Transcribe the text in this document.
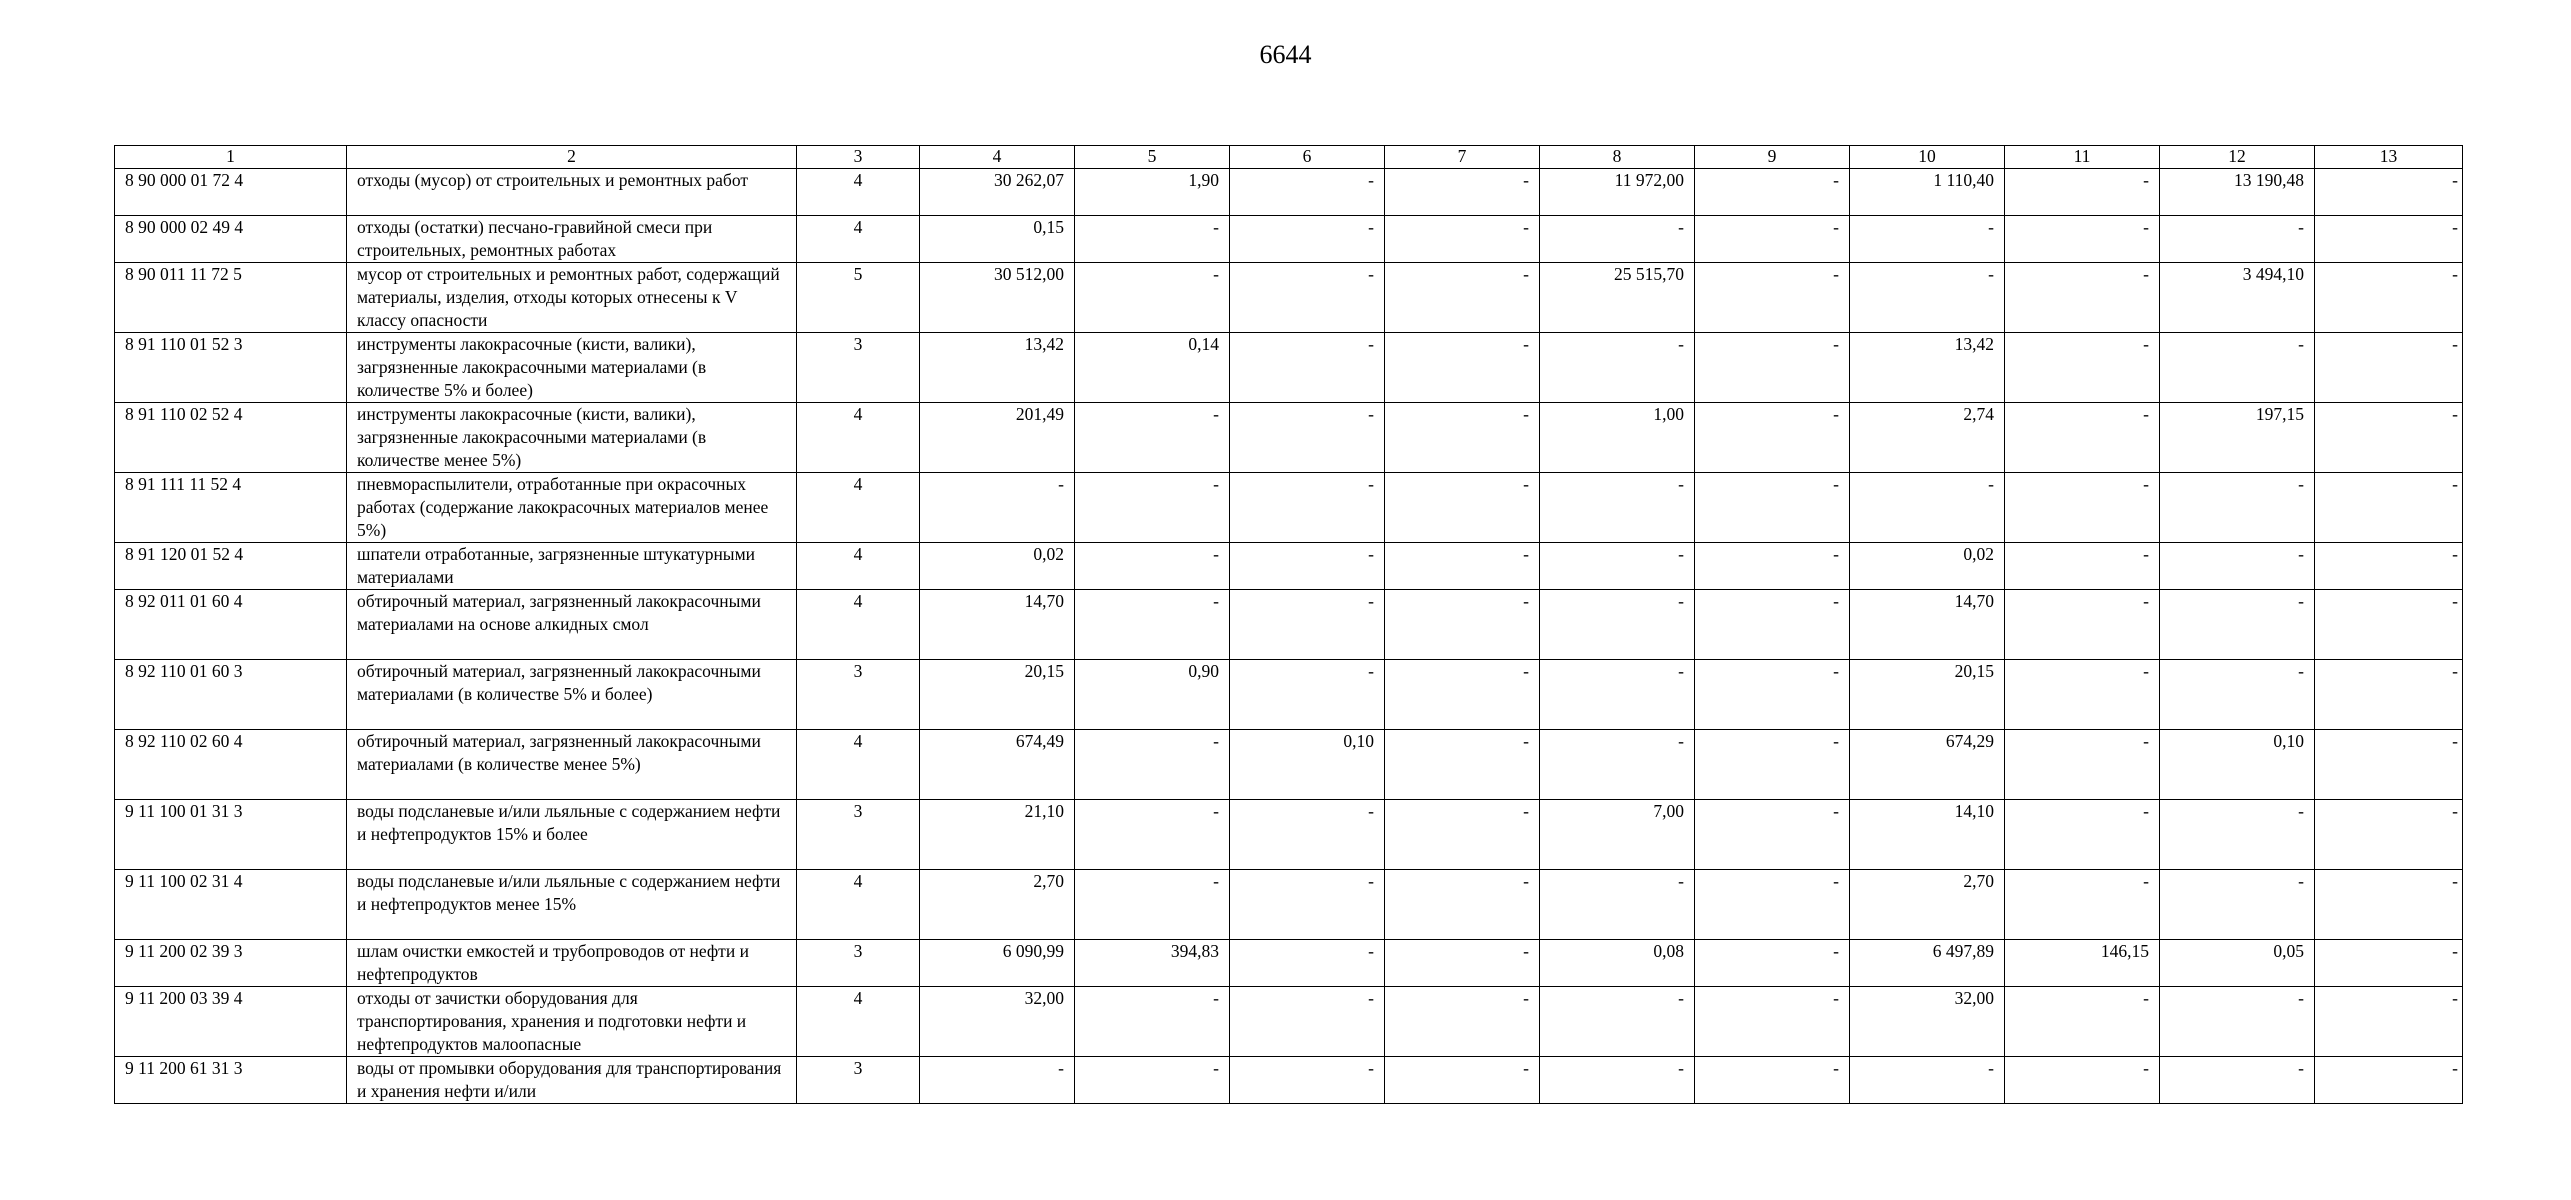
6644
1	2	3	4	5	6	7	8	9	10	11	12	13
8 90 000 01 72 4	отходы (мусор) от строительных и ремонтных работ	4	30 262,07	1,90	-	-	11 972,00	-	1 110,40	-	13 190,48	-
8 90 000 02 49 4	отходы (остатки) песчано-гравийной смеси при строительных, ремонтных работах	4	0,15	-	-	-	-	-	-	-	-	-
8 90 011 11 72 5	мусор от строительных и ремонтных работ, содержащий материалы, изделия, отходы которых отнесены к V классу опасности	5	30 512,00	-	-	-	25 515,70	-	-	-	3 494,10	-
8 91 110 01 52 3	инструменты лакокрасочные (кисти, валики), загрязненные лакокрасочными материалами (в количестве 5% и более)	3	13,42	0,14	-	-	-	-	13,42	-	-	-
8 91 110 02 52 4	инструменты лакокрасочные (кисти, валики), загрязненные лакокрасочными материалами (в количестве менее 5%)	4	201,49	-	-	-	1,00	-	2,74	-	197,15	-
8 91 111 11 52 4	пневмораспылители, отработанные при окрасочных работах (содержание лакокрасочных материалов менее 5%)	4	-	-	-	-	-	-	-	-	-	-
8 91 120 01 52 4	шпатели отработанные, загрязненные штукатурными материалами	4	0,02	-	-	-	-	-	0,02	-	-	-
8 92 011 01 60 4	обтирочный материал, загрязненный лакокрасочными материалами на основе алкидных смол	4	14,70	-	-	-	-	-	14,70	-	-	-
8 92 110 01 60 3	обтирочный материал, загрязненный лакокрасочными материалами (в количестве 5% и более)	3	20,15	0,90	-	-	-	-	20,15	-	-	-
8 92 110 02 60 4	обтирочный материал, загрязненный лакокрасочными материалами (в количестве менее 5%)	4	674,49	-	0,10	-	-	-	674,29	-	0,10	-
9 11 100 01 31 3	воды подсланевые и/или льяльные с содержанием нефти и нефтепродуктов 15% и более	3	21,10	-	-	-	7,00	-	14,10	-	-	-
9 11 100 02 31 4	воды подсланевые и/или льяльные с содержанием нефти и нефтепродуктов менее 15%	4	2,70	-	-	-	-	-	2,70	-	-	-
9 11 200 02 39 3	шлам очистки емкостей и трубопроводов от нефти и нефтепродуктов	3	6 090,99	394,83	-	-	0,08	-	6 497,89	146,15	0,05	-
9 11 200 03 39 4	отходы от зачистки оборудования для транспортирования, хранения и подготовки нефти и нефтепродуктов малоопасные	4	32,00	-	-	-	-	-	32,00	-	-	-
9 11 200 61 31 3	воды от промывки оборудования для транспортирования и хранения нефти и/или	3	-	-	-	-	-	-	-	-	-	-
